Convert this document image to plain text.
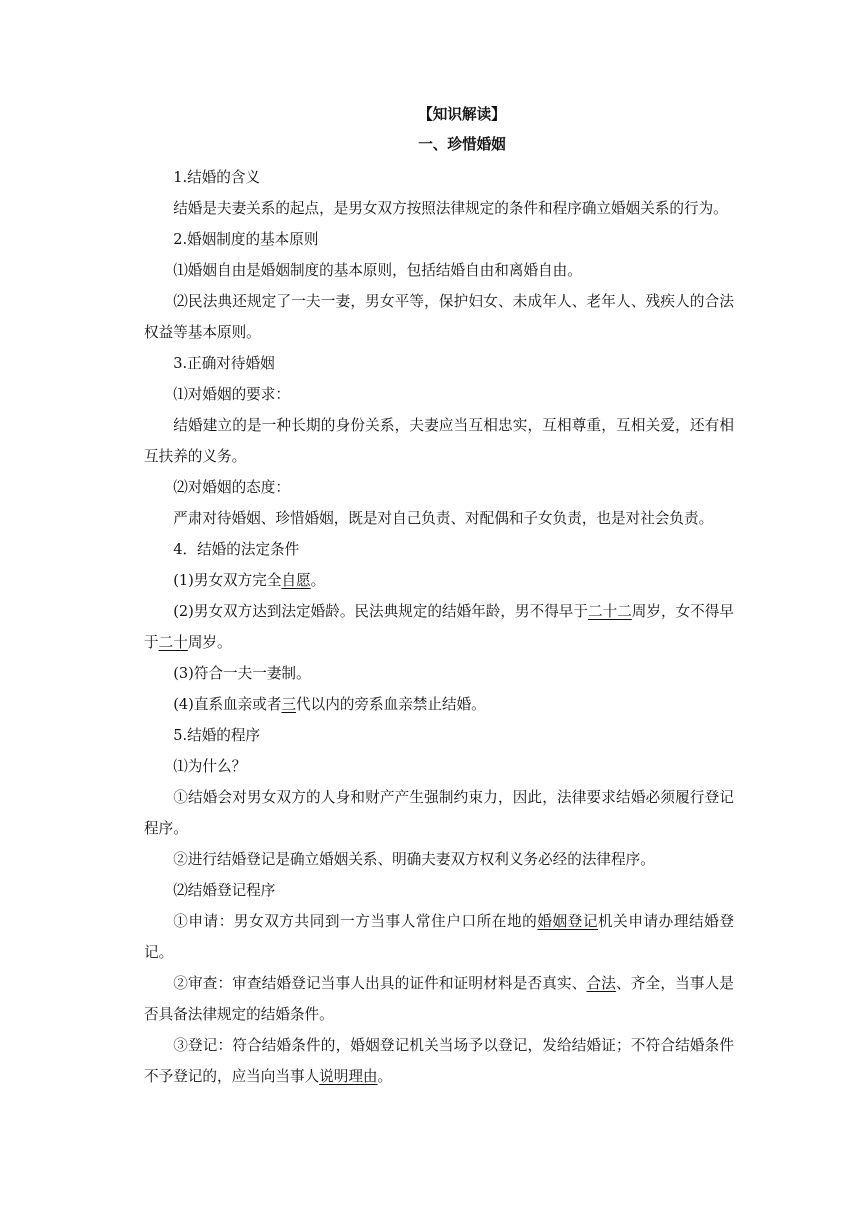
【知识解读】
一、珍惜婚姻

1.结婚的含义

结婚是夫妻关系的起点，是男女双方按照法律规定的条件和程序确立婚姻关系的行为。

2.婚姻制度的基本原则

⑴婚姻自由是婚姻制度的基本原则，包括结婚自由和离婚自由。

⑵民法典还规定了一夫一妻，男女平等，保护妇女、未成年人、老年人、残疾人的合法权益等基本原则。

3.正确对待婚姻

⑴对婚姻的要求：

结婚建立的是一种长期的身份关系，夫妻应当互相忠实，互相尊重，互相关爱，还有相互扶养的义务。

⑵对婚姻的态度：

严肃对待婚姻、珍惜婚姻，既是对自己负责、对配偶和子女负责，也是对社会负责。

4．结婚的法定条件

(1)男女双方完全自愿。

(2)男女双方达到法定婚龄。民法典规定的结婚年龄，男不得早于二十二周岁，女不得早于二十周岁。

(3)符合一夫一妻制。

(4)直系血亲或者三代以内的旁系血亲禁止结婚。

5.结婚的程序

⑴为什么？

①结婚会对男女双方的人身和财产产生强制约束力，因此，法律要求结婚必须履行登记程序。

②进行结婚登记是确立婚姻关系、明确夫妻双方权利义务必经的法律程序。

⑵结婚登记程序

①申请：男女双方共同到一方当事人常住户口所在地的婚姻登记机关申请办理结婚登记。

②审查：审查结婚登记当事人出具的证件和证明材料是否真实、合法、齐全，当事人是否具备法律规定的结婚条件。

③登记：符合结婚条件的，婚姻登记机关当场予以登记，发给结婚证；不符合结婚条件不予登记的，应当向当事人说明理由。
